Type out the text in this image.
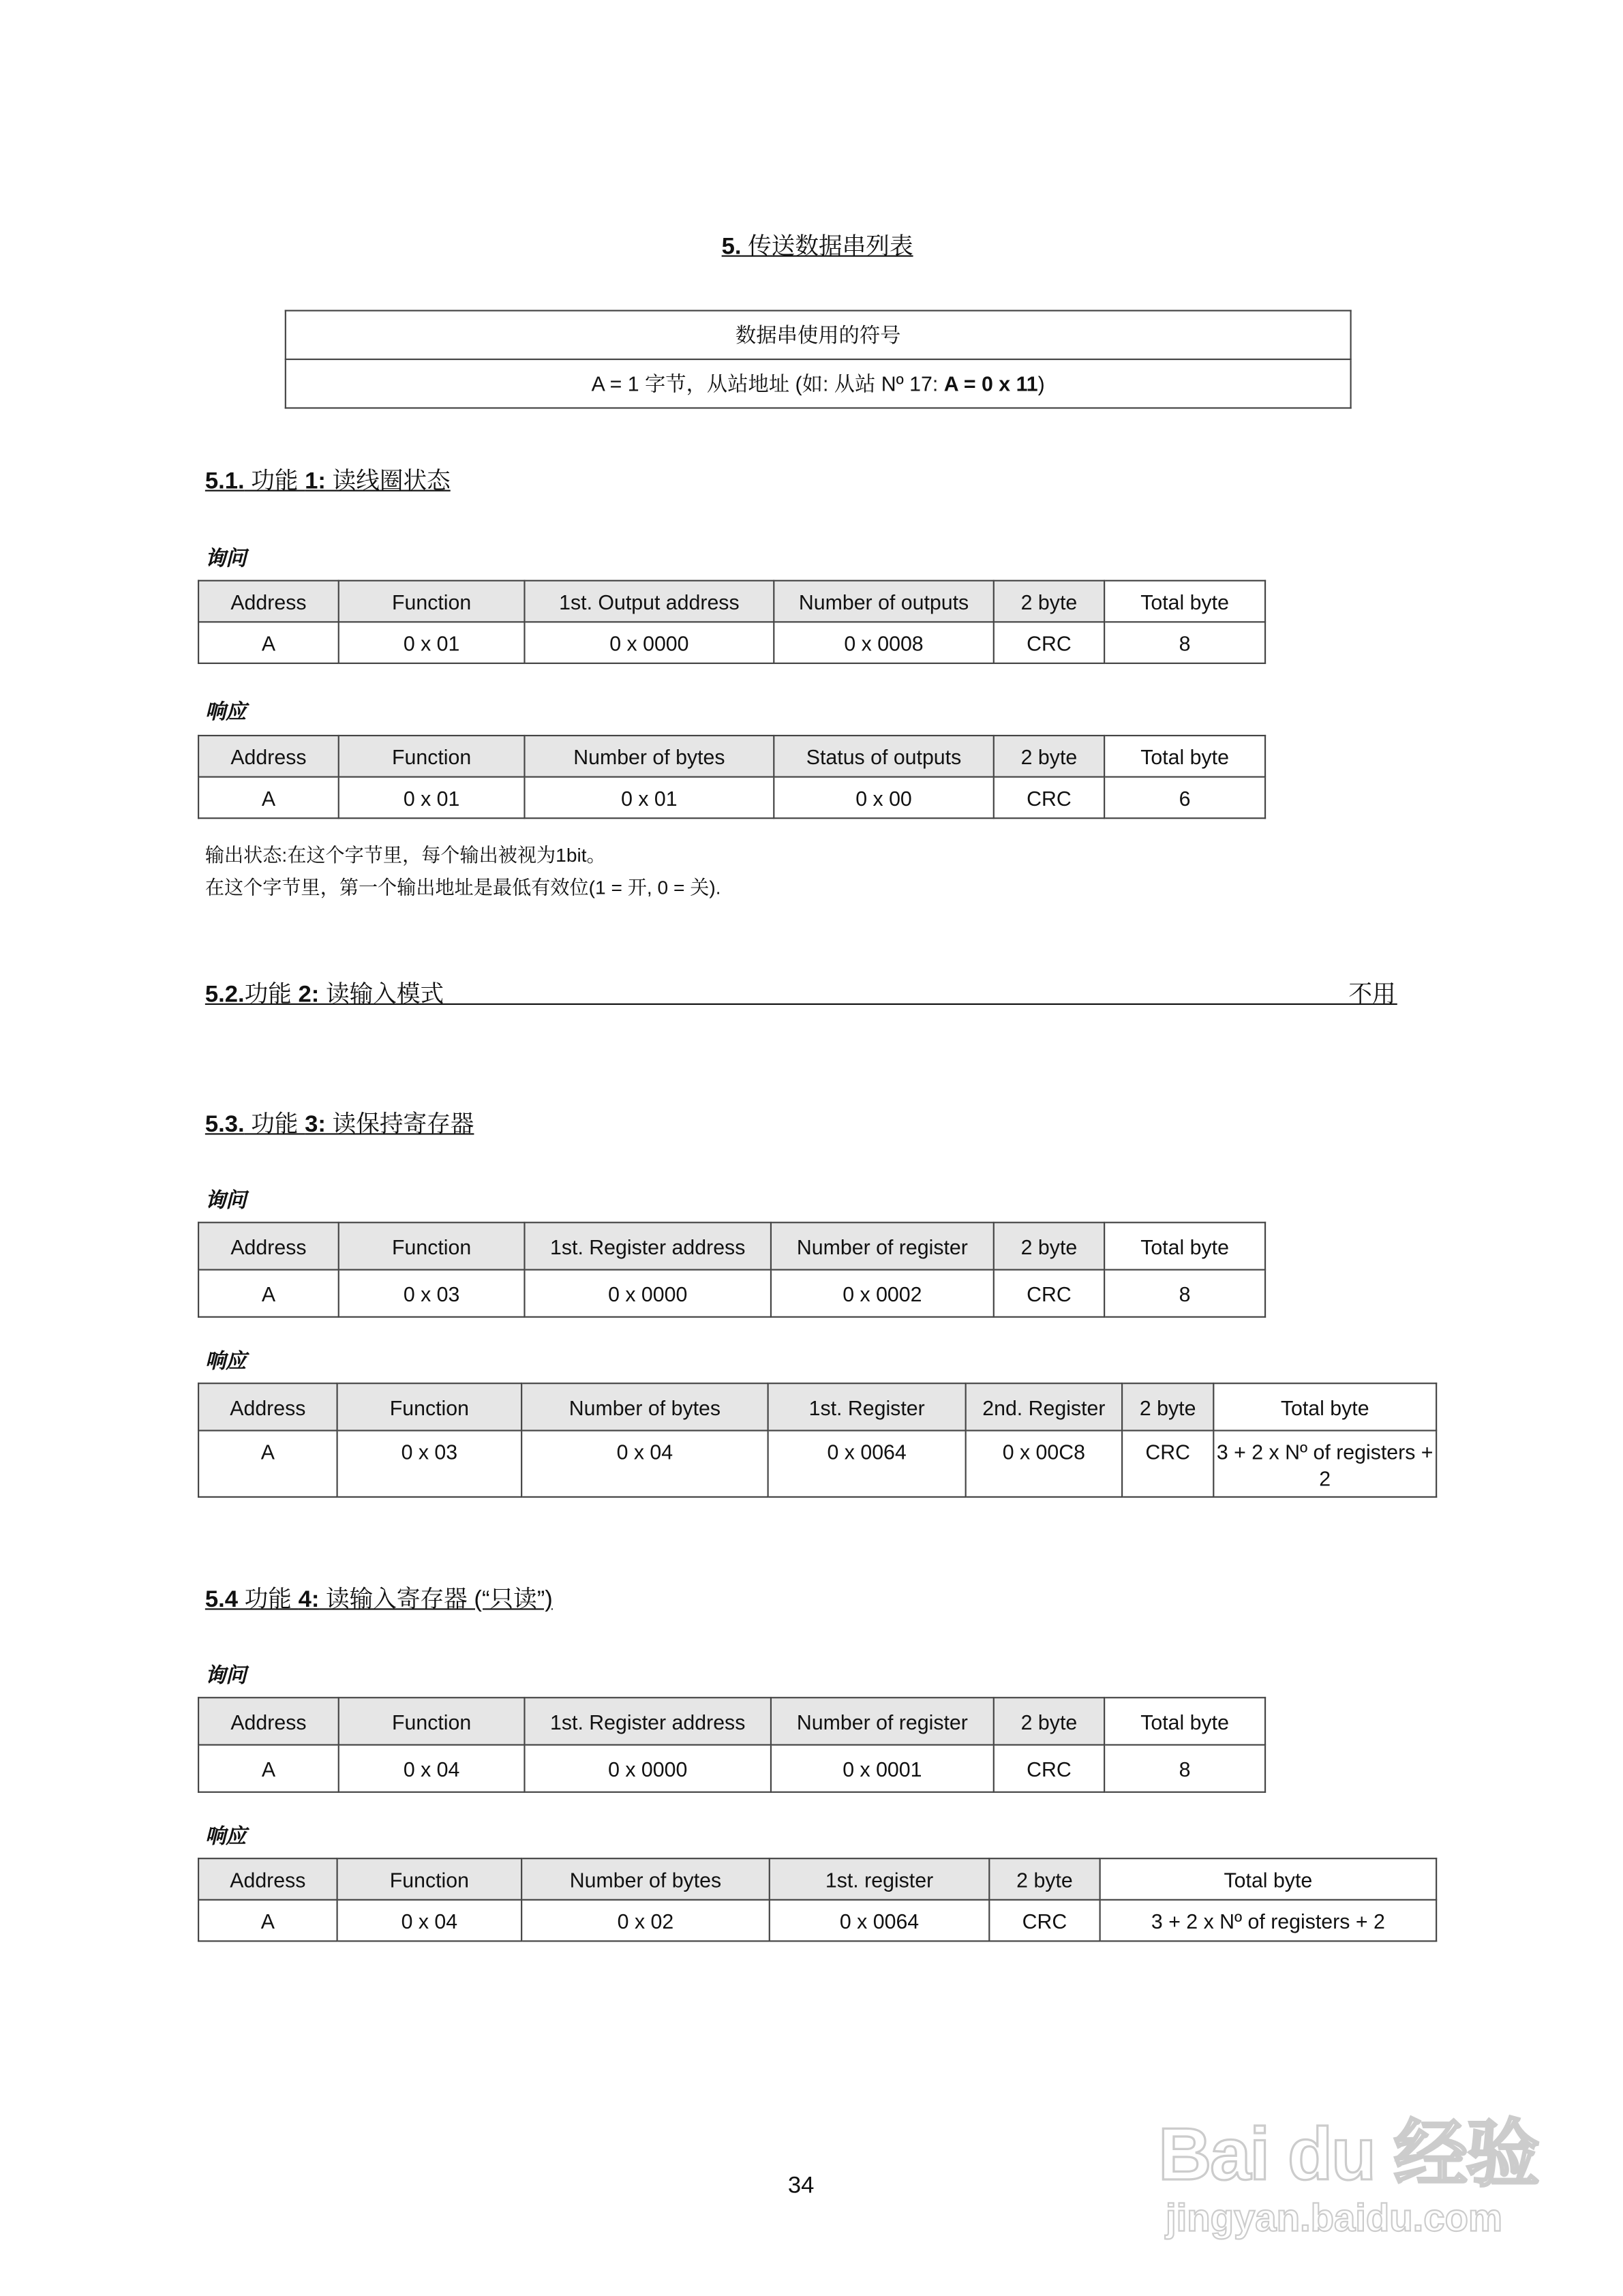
5. 传送数据串列表
数据串使用的符号
A = 1 字节，从站地址 (如: 从站 Nº 17: A = 0 x 11)
5.1. 功能 1: 读线圈状态
询问
Address	Function	1st. Output address	Number of outputs	2 byte	Total byte
A	0 x 01	0 x 0000	0 x 0008	CRC	8
响应
Address	Function	Number of bytes	Status of outputs	2 byte	Total byte
A	0 x 01	0 x 01	0 x 00	CRC	6
输出状态:在这个字节里，每个输出被视为1bit。
在这个字节里，第一个输出地址是最低有效位(1 = 开, 0 = 关).
5.2.功能 2: 读输入模式	不用
5.3. 功能 3: 读保持寄存器
询问
Address	Function	1st. Register address	Number of register	2 byte	Total byte
A	0 x 03	0 x 0000	0 x 0002	CRC	8
响应
Address	Function	Number of bytes	1st. Register	2nd. Register	2 byte	Total byte
A	0 x 03	0 x 04	0 x 0064	0 x 00C8	CRC	3 + 2 x Nº of registers + 2
5.4 功能 4: 读输入寄存器 (“只读”)
询问
Address	Function	1st. Register address	Number of register	2 byte	Total byte
A	0 x 04	0 x 0000	0 x 0001	CRC	8
响应
Address	Function	Number of bytes	1st. register	2 byte	Total byte
A	0 x 04	0 x 02	0 x 0064	CRC	3 + 2 x Nº of registers + 2
34	Bai du 经验
jingyan.baidu.com
